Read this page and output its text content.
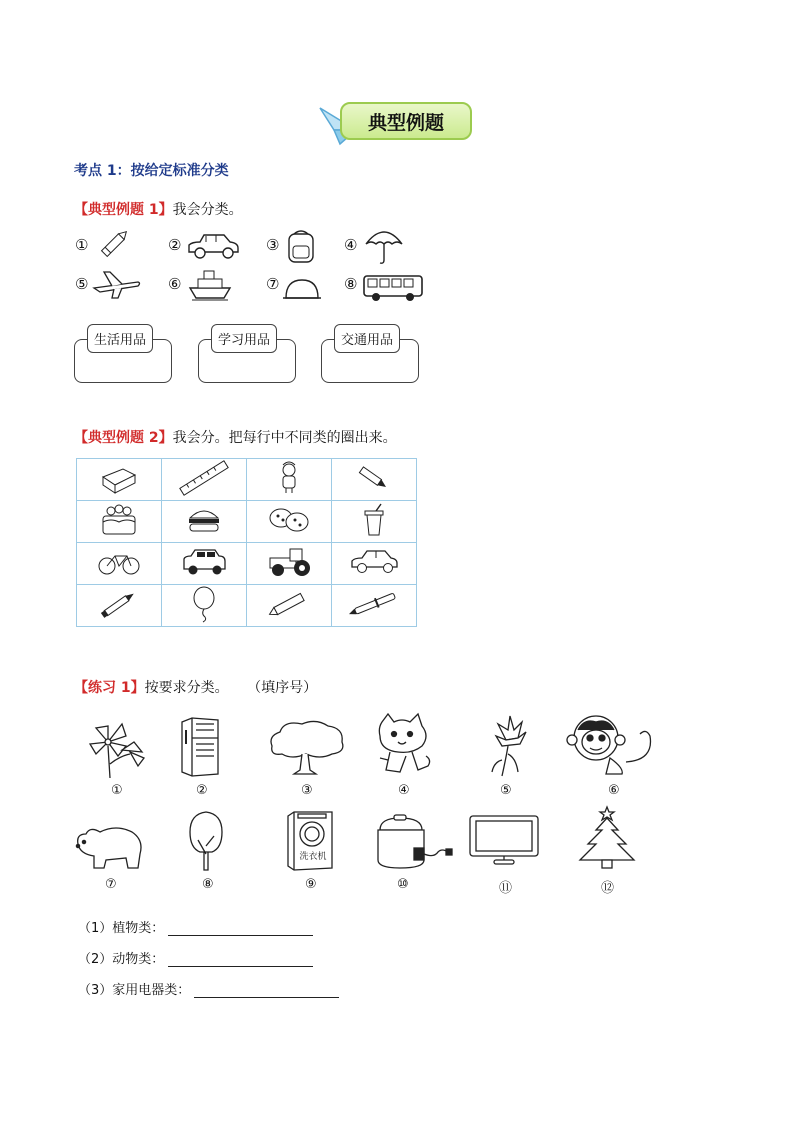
典型例题
考点 1：按给定标准分类
【典型例题 1】我会分类。
①	②	③	④
⑤	⑥	⑦	⑧
生活用品	学习用品	交通用品
【典型例题 2】我会分。把每行中不同类的圈出来。

【练习 1】按要求分类。 （填序号）
①	②	③	④	⑤	⑥
洗衣机
⑦	⑧	⑨	⑩	⑪	⑫
（1）植物类：
（2）动物类：
（3）家用电器类：
